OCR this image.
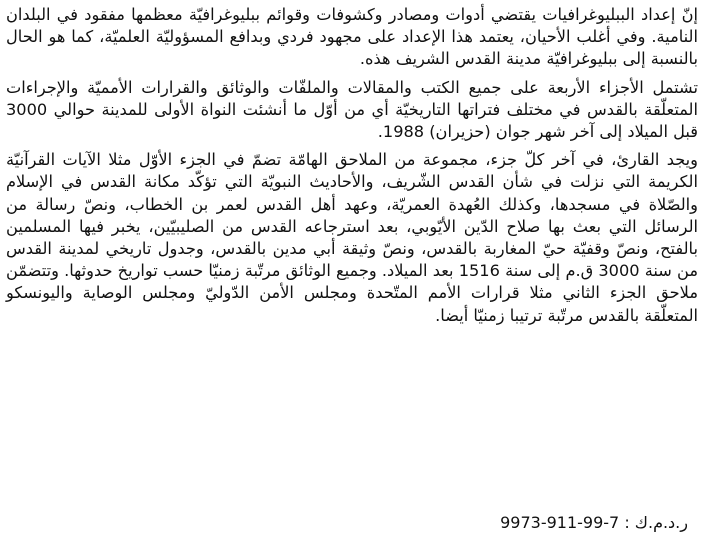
إنّ إعداد الببليوغرافيات يقتضي أدوات ومصادر وكشوفات وقوائم ببليوغرافيّة معظمها مفقود في البلدان النامية. وفي أغلب الأحيان، يعتمد هذا الإعداد على مجهود فردي وبدافع المسؤوليّة العلميّة، كما هو الحال بالنسبة إلى ببليوغرافيّة مدينة القدس الشريف هذه.

تشتمل الأجزاء الأربعة على جميع الكتب والمقالات والملفّات والوثائق والقرارات الأمميّة والإجراءات المتعلّقة بالقدس في مختلف فتراتها التاريخيّة أي من أوّل ما أنشئت النواة الأولى للمدينة حوالي 3000 قبل الميلاد إلى آخر شهر جوان (حزيران) 1988.

ويجد القارئ، في آخر كلّ جزء، مجموعة من الملاحق الهامّة تضمّ في الجزء الأوّل مثلا الآيات القرآنيّة الكريمة التي نزلت في شأن القدس الشّريف، والأحاديث النبويّة التي تؤكّد مكانة القدس في الإسلام والصّلاة في مسجدها، وكذلك العُهدة العمريّة، وعهد أهل القدس لعمر بن الخطاب، ونصّ رسالة من الرسائل التي بعث بها صلاح الدّين الأيّوبي، بعد استرجاعه القدس من الصليبيّين، يخبر فيها المسلمين بالفتح، ونصّ وقفيّة حيّ المغاربة بالقدس، ونصّ وثيقة أبي مدين بالقدس، وجدول تاريخي لمدينة القدس من سنة 3000 ق.م إلى سنة 1516 بعد الميلاد. وجميع الوثائق مرتّبة زمنيّا حسب تواريخ حدوثها. وتتضمّن ملاحق الجزء الثاني مثلا قرارات الأمم المتّحدة ومجلس الأمن الدّوليّ ومجلس الوصاية واليونسكو المتعلّقة بالقدس مرتّبة ترتيبا زمنيّا أيضا.

ر.د.م.ك : 9973-911-99-7
